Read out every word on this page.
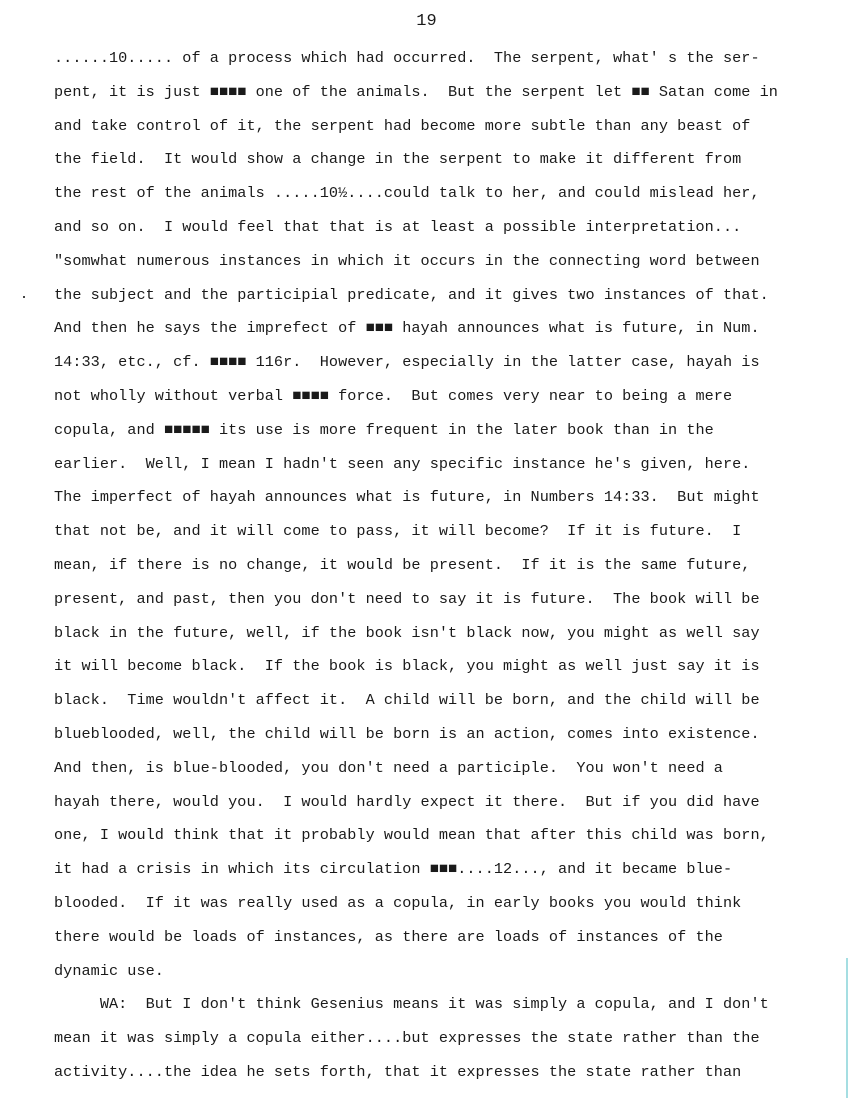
19
......10..... of a process which had occurred.  The serpent, what' s the ser-
pent, it is just ■■■■ one of the animals.  But the serpent let ■■ Satan come in
and take control of it, the serpent had become more subtle than any beast of
the field.  It would show a change in the serpent to make it different from
the rest of the animals .....10½....could talk to her, and could mislead her,
and so on.  I would feel that that is at least a possible interpretation...
"somwhat numerous instances in which it occurs in the connecting word between
the subject and the participial predicate, and it gives two instances of that.
And then he says the imprefect of ■■■ hayah announces what is future, in Num.
14:33, etc., cf. ■■■■ 116r.  However, especially in the latter case, hayah is
not wholly without verbal ■■■■ force.  But comes very near to being a mere
copula, and ■■■■■ its use is more frequent in the later book than in the
earlier.  Well, I mean I hadn't seen any specific instance he's given, here.
The imperfect of hayah announces what is future, in Numbers 14:33.  But might
that not be, and it will come to pass, it will become?  If it is future.  I
mean, if there is no change, it would be present.  If it is the same future,
present, and past, then you don't need to say it is future.  The book will be
black in the future, well, if the book isn't black now, you might as well say
it will become black.  If the book is black, you might as well just say it is
black.  Time wouldn't affect it.  A child will be born, and the child will be
blueblooded, well, the child will be born is an action, comes into existence.
And then, is blue-blooded, you don't need a participle.  You won't need a
hayah there, would you.  I would hardly expect it there.  But if you did have
one, I would think that it probably would mean that after this child was born,
it had a crisis in which its circulation ■■■....12..., and it became blue-
blooded.  If it was really used as a copula, in early books you would think
there would be loads of instances, as there are loads of instances of the
dynamic use.
WA:  But I don't think Gesenius means it was simply a copula, and I don't
mean it was simply a copula either....but expresses the state rather than the
activity....the idea he sets forth, that it expresses the state rather than
